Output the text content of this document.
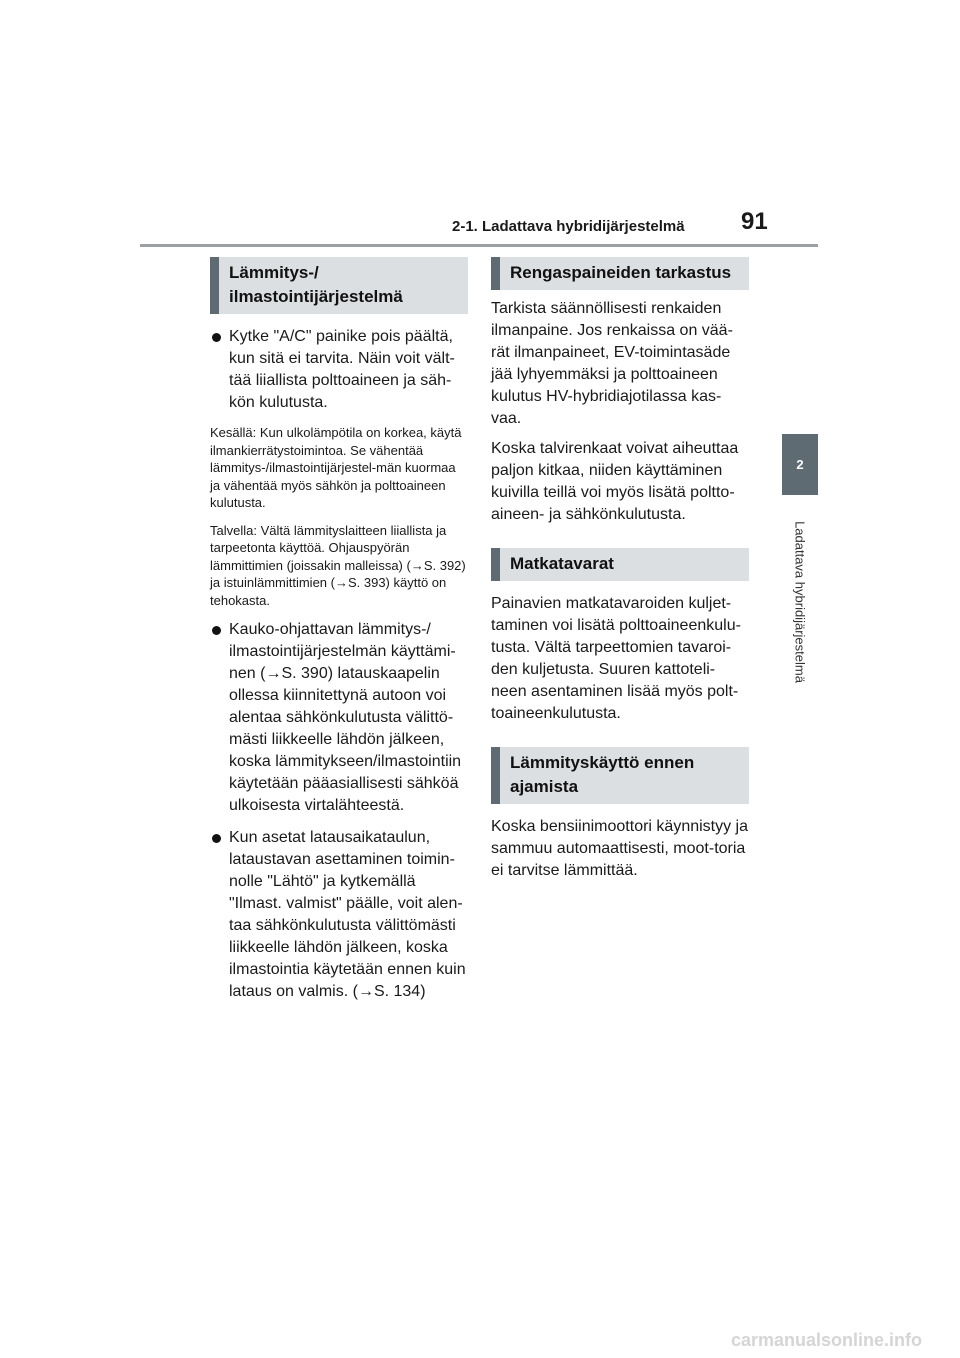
2-1. Ladattava hybridijärjestelmä 91
2
Ladattava hybridijärjestelmä
Lämmitys-/ ilmastointijärjestelmä
Kytke "A/C" painike pois päältä, kun sitä ei tarvita. Näin voit vält-tää liiallista polttoaineen ja säh-kön kulutusta.
Kesällä: Kun ulkolämpötila on korkea, käytä ilmankierrätystoimintoa. Se vähentää lämmitys-/ilmastointijärjestel-män kuormaa ja vähentää myös sähkön ja polttoaineen kulutusta.
Talvella: Vältä lämmityslaitteen liiallista ja tarpeetonta käyttöä. Ohjauspyörän lämmittimien (joissakin malleissa) (→S. 392) ja istuinlämmittimien (→S. 393) käyttö on tehokasta.
Kauko-ohjattavan lämmitys-/ ilmastointijärjestelmän käyttämi-nen (→S. 390) latauskaapelin ollessa kiinnitettynä autoon voi alentaa sähkönkulutusta välittö-mästi liikkeelle lähdön jälkeen, koska lämmitykseen/ilmastointiin käytetään pääasiallisesti sähköä ulkoisesta virtalähteestä.
Kun asetat latausaikataulun, lataustavan asettaminen toimin-nolle "Lähtö" ja kytkemällä "Ilmast. valmist" päälle, voit alen-taa sähkönkulutusta välittömästi liikkeelle lähdön jälkeen, koska ilmastointia käytetään ennen kuin lataus on valmis. (→S. 134)
Rengaspaineiden tarkastus
Tarkista säännöllisesti renkaiden ilmanpaine. Jos renkaissa on vää-rät ilmanpaineet, EV-toimintasäde jää lyhyemmäksi ja polttoaineen kulutus HV-hybridiajotilassa kas-vaa.
Koska talvirenkaat voivat aiheuttaa paljon kitkaa, niiden käyttäminen kuivilla teillä voi myös lisätä poltto-aineen- ja sähkönkulutusta.
Matkatavarat
Painavien matkatavaroiden kuljet-taminen voi lisätä polttoaineenkulu-tusta. Vältä tarpeettomien tavaroi-den kuljetusta. Suuren kattoteli-neen asentaminen lisää myös polt-toaineenkulutusta.
Lämmityskäyttö ennen ajamista
Koska bensiinimoottori käynnistyy ja sammuu automaattisesti, moot-toria ei tarvitse lämmittää.
carmanualsonline.info
